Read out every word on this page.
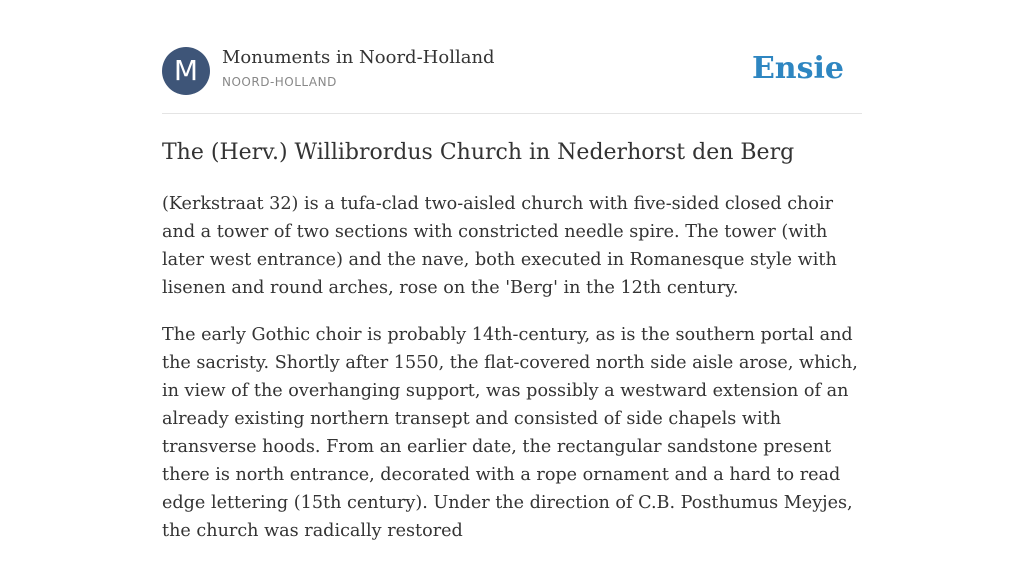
M Monuments in Noord-Holland
NOORD-HOLLAND	Ensie
The (Herv.) Willibrordus Church in Nederhorst den Berg

(Kerkstraat 32) is a tufa-clad two-aisled church with five-sided closed choir and a tower of two sections with constricted needle spire. The tower (with later west entrance) and the nave, both executed in Romanesque style with lisenen and round arches, rose on the 'Berg' in the 12th century.

The early Gothic choir is probably 14th-century, as is the southern portal and the sacristy. Shortly after 1550, the flat-covered north side aisle arose, which, in view of the overhanging support, was possibly a westward extension of an already existing northern transept and consisted of side chapels with transverse hoods. From an earlier date, the rectangular sandstone present there is north entrance, decorated with a rope ornament and a hard to read edge lettering (15th century). Under the direction of C.B. Posthumus Meyjes, the church was radically restored
